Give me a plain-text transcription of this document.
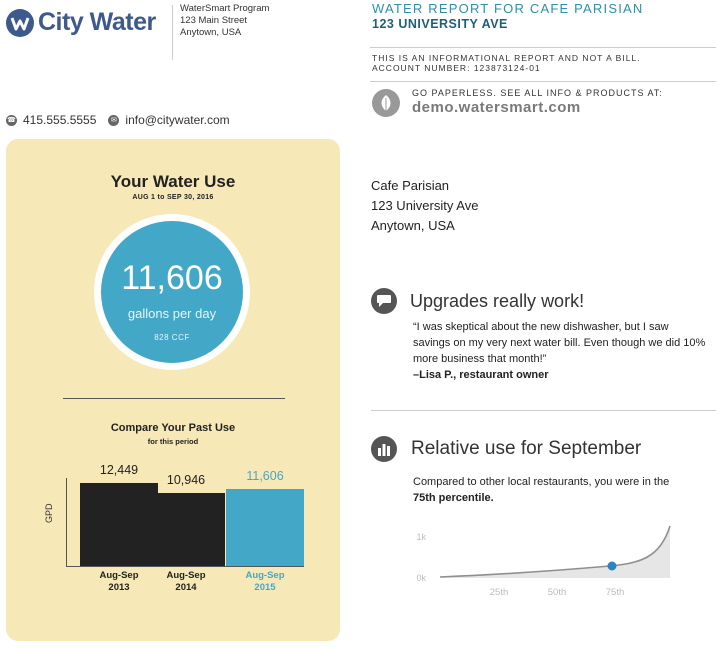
City Water	WaterSmart Program
123 Main Street
Anytown, USA
☎ 415.555.5555	✉ info@citywater.com
WATER REPORT FOR CAFE PARISIAN
123 UNIVERSITY AVE
THIS IS AN INFORMATIONAL REPORT AND NOT A BILL.
ACCOUNT NUMBER: 123873124-01
GO PAPERLESS. SEE ALL INFO & PRODUCTS AT:
demo.watersmart.com
Your Water Use
AUG 1 to SEP 30, 2016
11,606
gallons per day
828 CCF
Compare Your Past Use
for this period
GPD
12,449
Aug-Sep
2013
10,946
Aug-Sep
2014
11,606
Aug-Sep
2015
Cafe Parisian
123 University Ave
Anytown, USA
Upgrades really work!
“I was skeptical about the new dishwasher, but I saw savings on my very next water bill. Even though we did 10% more business that month!”
–Lisa P., restaurant owner
Relative use for September
Compared to other local restaurants, you were in the 75th percentile.
1k
0k
25th	50th	75th
